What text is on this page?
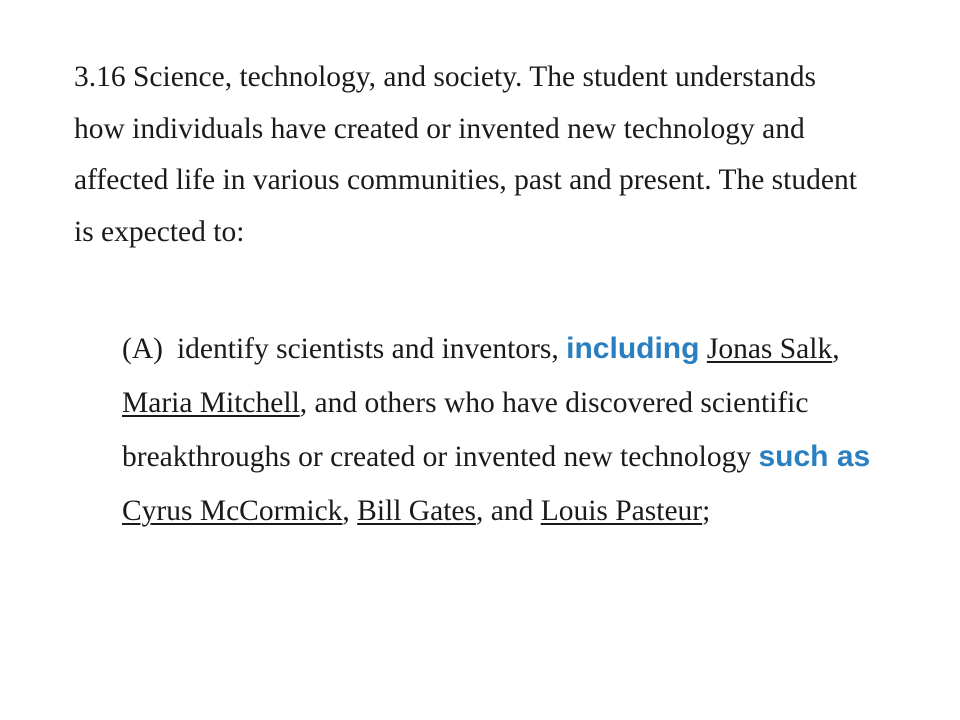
3.16 Science, technology, and society. The student understands how individuals have created or invented new technology and affected life in various communities, past and present. The student is expected to:

(A) identify scientists and inventors, including Jonas Salk, Maria Mitchell, and others who have discovered scientific breakthroughs or created or invented new technology such as Cyrus McCormick, Bill Gates, and Louis Pasteur;
